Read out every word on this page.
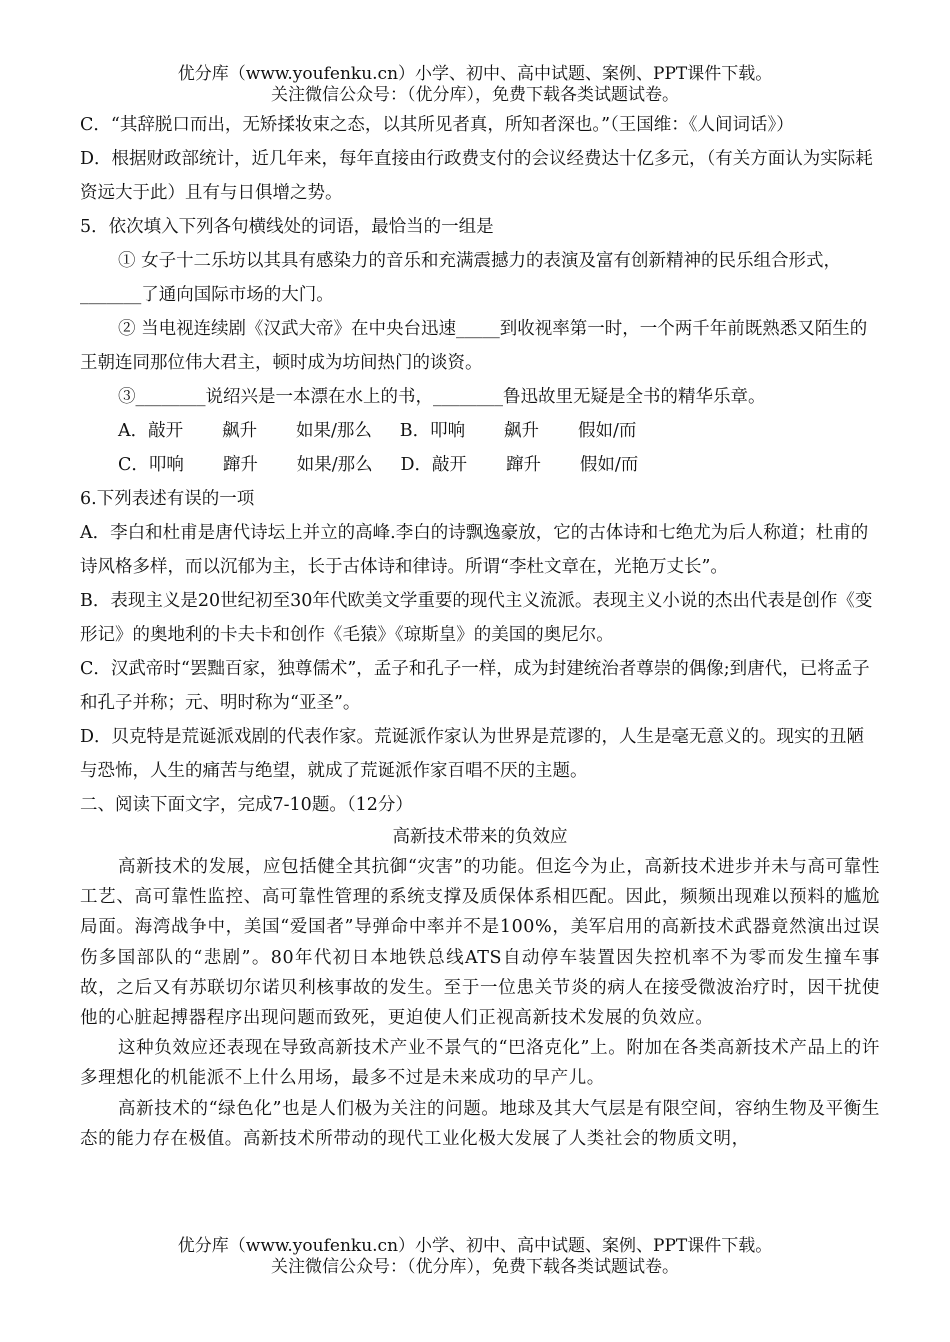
优分库（www.youfenku.cn）小学、初中、高中试题、案例、PPT课件下载。
关注微信公众号：（优分库），免费下载各类试题试卷。

C．“其辞脱口而出，无矫揉妆束之态，以其所见者真，所知者深也。”（王国维：《人间词话》）

D．根据财政部统计，近几年来，每年直接由行政费支付的会议经费达十亿多元，（有关方面认为实际耗资远大于此）且有与日俱增之势。

5．依次填入下列各句横线处的词语，最恰当的一组是

① 女子十二乐坊以其具有感染力的音乐和充满震撼力的表演及富有创新精神的民乐组合形式，_______了通向国际市场的大门。

② 当电视连续剧《汉武大帝》在中央台迅速_____到收视率第一时，一个两千年前既熟悉又陌生的王朝连同那位伟大君主，顿时成为坊间热门的谈资。

③________说绍兴是一本漂在水上的书，________鲁迅故里无疑是全书的精华乐章。

A．敲开       飙升       如果/那么     B．叩响       飙升       假如/而

C．叩响       蹿升       如果/那么     D．敲开       蹿升       假如/而

6.下列表述有误的一项

A．李白和杜甫是唐代诗坛上并立的高峰.李白的诗飘逸豪放，它的古体诗和七绝尤为后人称道；杜甫的诗风格多样，而以沉郁为主，长于古体诗和律诗。所谓“李杜文章在，光艳万丈长”。

B．表现主义是20世纪初至30年代欧美文学重要的现代主义流派。表现主义小说的杰出代表是创作《变形记》的奥地利的卡夫卡和创作《毛猿》《琼斯皇》的美国的奥尼尔。

C．汉武帝时“罢黜百家，独尊儒术”，孟子和孔子一样，成为封建统治者尊崇的偶像;到唐代，已将孟子和孔子并称；元、明时称为“亚圣”。

D．贝克特是荒诞派戏剧的代表作家。荒诞派作家认为世界是荒谬的，人生是毫无意义的。现实的丑陋与恐怖，人生的痛苦与绝望，就成了荒诞派作家百唱不厌的主题。

二、阅读下面文字，完成7-10题。（12分）

高新技术带来的负效应

高新技术的发展，应包括健全其抗御“灾害”的功能。但迄今为止，高新技术进步并未与高可靠性工艺、高可靠性监控、高可靠性管理的系统支撑及质保体系相匹配。因此，频频出现难以预料的尴尬局面。海湾战争中，美国“爱国者”导弹命中率并不是100%，美军启用的高新技术武器竟然演出过误伤多国部队的“悲剧”。80年代初日本地铁总线ATS自动停车装置因失控机率不为零而发生撞车事故，之后又有苏联切尔诺贝利核事故的发生。至于一位患关节炎的病人在接受微波治疗时，因干扰使他的心脏起搏器程序出现问题而致死，更迫使人们正视高新技术发展的负效应。

这种负效应还表现在导致高新技术产业不景气的“巴洛克化”上。附加在各类高新技术产品上的许多理想化的机能派不上什么用场，最多不过是未来成功的早产儿。

高新技术的“绿色化”也是人们极为关注的问题。地球及其大气层是有限空间，容纳生物及平衡生态的能力存在极值。高新技术所带动的现代工业化极大发展了人类社会的物质文明，

优分库（www.youfenku.cn）小学、初中、高中试题、案例、PPT课件下载。
关注微信公众号：（优分库），免费下载各类试题试卷。
